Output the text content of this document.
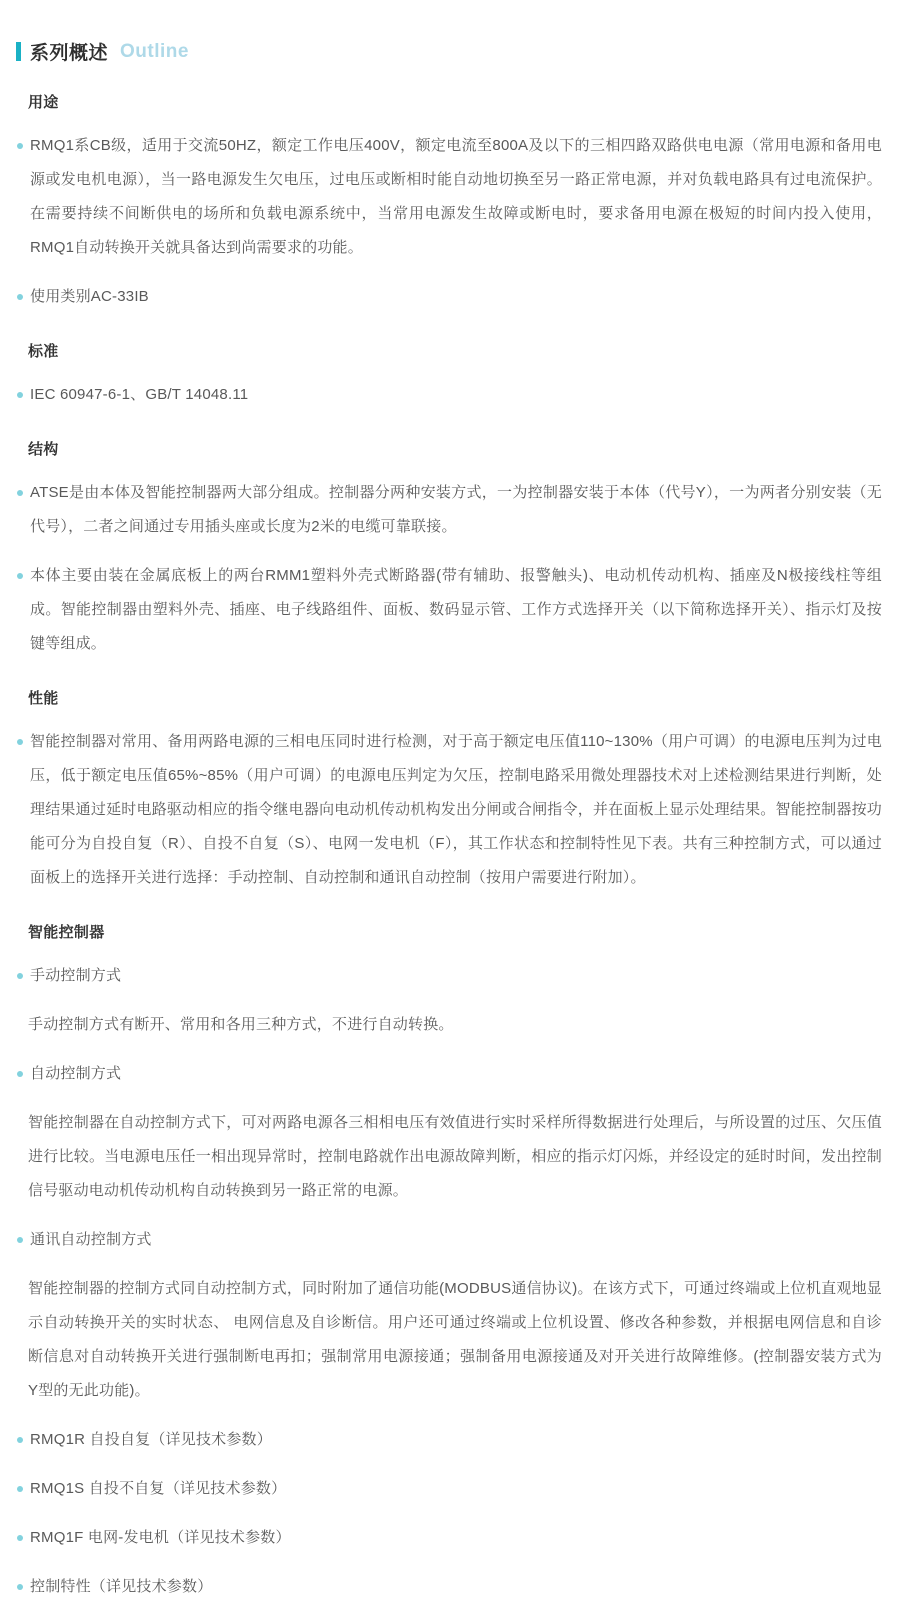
系列概述 Outline
用途
RMQ1系CB级，适用于交流50HZ，额定工作电压400V，额定电流至800A及以下的三相四路双路供电电源（常用电源和备用电源或发电机电源），当一路电源发生欠电压，过电压或断相时能自动地切换至另一路正常电源，并对负载电路具有过电流保护。在需要持续不间断供电的场所和负载电源系统中，当常用电源发生故障或断电时，要求备用电源在极短的时间内投入使用，RMQ1自动转换开关就具备达到尚需要求的功能。
使用类别AC-33IB
标准
IEC 60947-6-1、GB/T 14048.11
结构
ATSE是由本体及智能控制器两大部分组成。控制器分两种安装方式，一为控制器安装于本体（代号Y），一为两者分别安装（无代号），二者之间通过专用插头座或长度为2米的电缆可靠联接。
本体主要由装在金属底板上的两台RMM1塑料外壳式断路器(带有辅助、报警触头)、电动机传动机构、插座及N极接线柱等组成。智能控制器由塑料外壳、插座、电子线路组件、面板、数码显示管、工作方式选择开关（以下简称选择开关）、指示灯及按键等组成。
性能
智能控制器对常用、备用两路电源的三相电压同时进行检测，对于高于额定电压值110~130%（用户可调）的电源电压判为过电压，低于额定电压值65%~85%（用户可调）的电源电压判定为欠压，控制电路采用微处理器技术对上述检测结果进行判断，处理结果通过延时电路驱动相应的指令继电器向电动机传动机构发出分闸或合闸指令，并在面板上显示处理结果。智能控制器按功能可分为自投自复（R）、自投不自复（S）、电网一发电机（F），其工作状态和控制特性见下表。共有三种控制方式，可以通过面板上的选择开关进行选择：手动控制、自动控制和通讯自动控制（按用户需要进行附加）。
智能控制器
手动控制方式
手动控制方式有断开、常用和各用三种方式，不进行自动转换。
自动控制方式
智能控制器在自动控制方式下，可对两路电源各三相相电压有效值进行实时采样所得数据进行处理后，与所设置的过压、欠压值进行比较。当电源电压任一相出现异常时，控制电路就作出电源故障判断，相应的指示灯闪烁，并经设定的延时时间，发出控制信号驱动电动机传动机构自动转换到另一路正常的电源。
通讯自动控制方式
智能控制器的控制方式同自动控制方式，同时附加了通信功能(MODBUS通信协议)。在该方式下，可通过终端或上位机直观地显示自动转换开关的实时状态、 电网信息及自诊断信。用户还可通过终端或上位机设置、修改各种参数，并根据电网信息和自诊断信息对自动转换开关进行强制断电再扣；强制常用电源接通；强制备用电源接通及对开关进行故障维修。(控制器安装方式为 Y型的无此功能)。
RMQ1R 自投自复（详见技术参数）
RMQ1S 自投不自复（详见技术参数）
RMQ1F 电网-发电机（详见技术参数）
控制特性（详见技术参数）
